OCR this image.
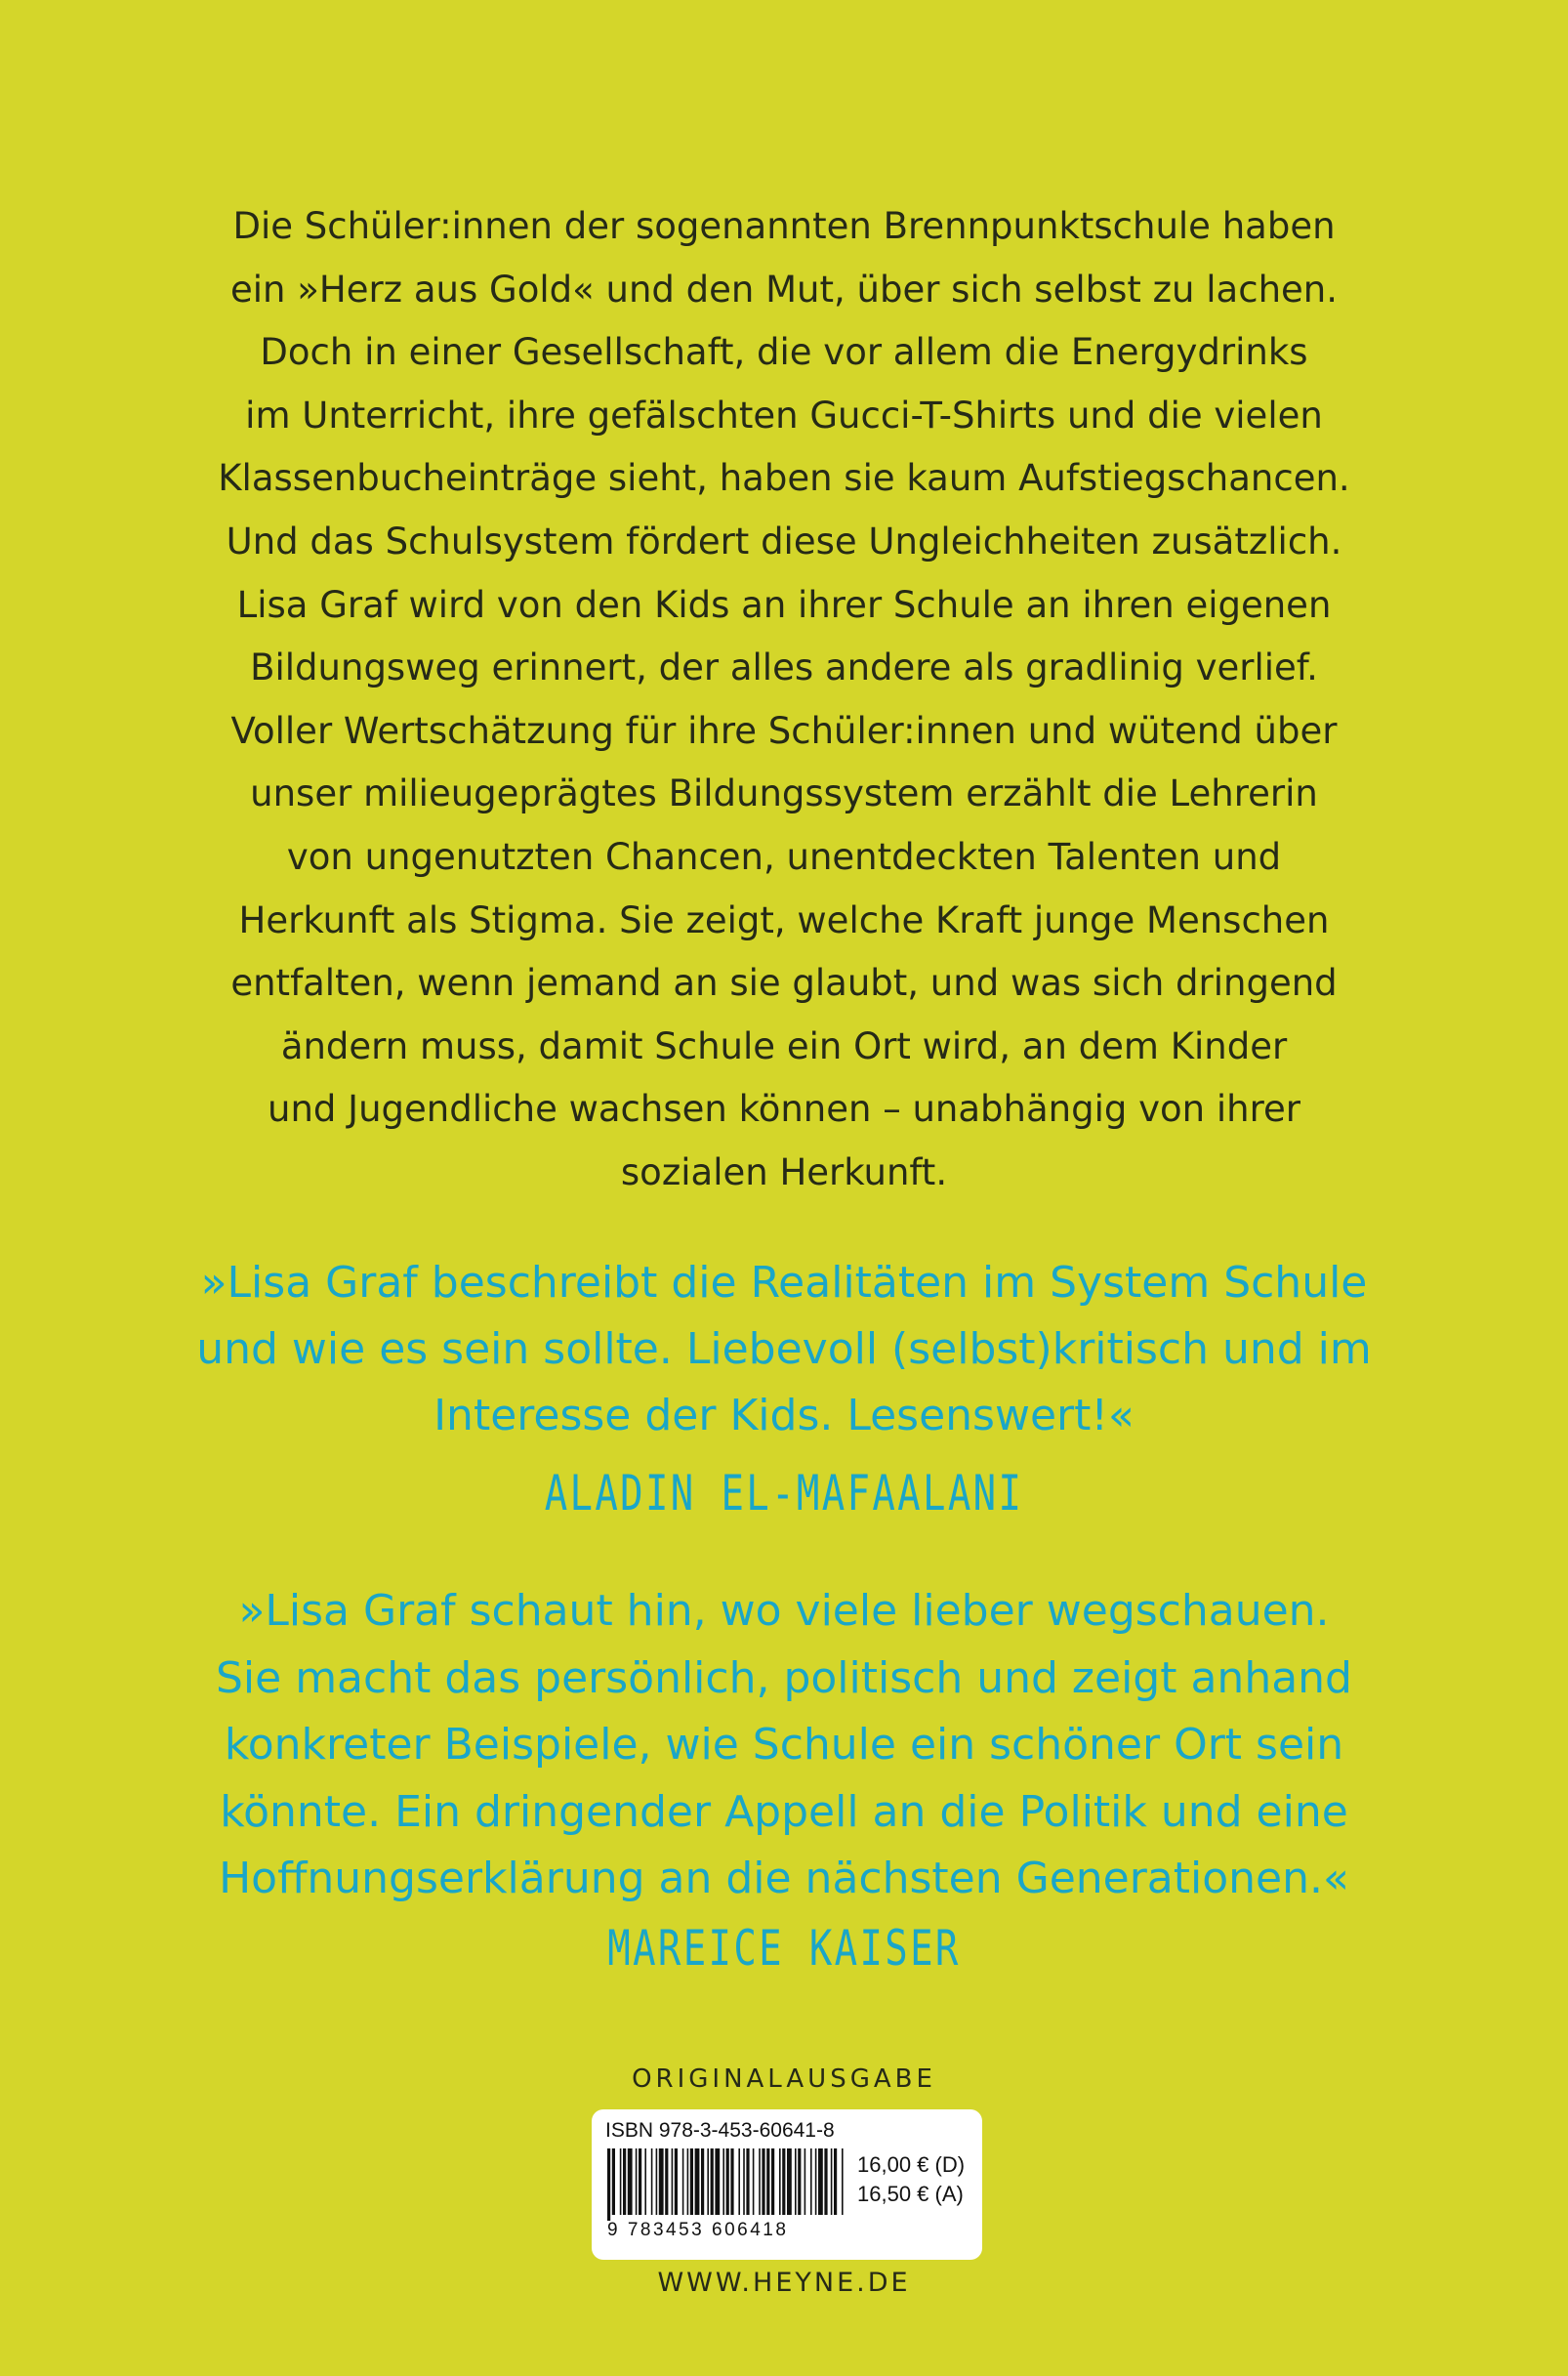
Die Schüler:innen der sogenannten Brennpunktschule haben
ein »Herz aus Gold« und den Mut, über sich selbst zu lachen.
Doch in einer Gesellschaft, die vor allem die Energydrinks
im Unterricht, ihre gefälschten Gucci-T-Shirts und die vielen
Klassenbucheinträge sieht, haben sie kaum Aufstiegschancen.
Und das Schulsystem fördert diese Ungleichheiten zusätzlich.
Lisa Graf wird von den Kids an ihrer Schule an ihren eigenen
Bildungsweg erinnert, der alles andere als gradlinig verlief.
Voller Wertschätzung für ihre Schüler:innen und wütend über
unser milieugeprägtes Bildungssystem erzählt die Lehrerin
von ungenutzten Chancen, unentdeckten Talenten und
Herkunft als Stigma. Sie zeigt, welche Kraft junge Menschen
entfalten, wenn jemand an sie glaubt, und was sich dringend
ändern muss, damit Schule ein Ort wird, an dem Kinder
und Jugendliche wachsen können – unabhängig von ihrer
sozialen Herkunft.
»Lisa Graf beschreibt die Realitäten im System Schule
und wie es sein sollte. Liebevoll (selbst)kritisch und im
Interesse der Kids. Lesenswert!«
ALADIN EL-MAFAALANI
»Lisa Graf schaut hin, wo viele lieber wegschauen.
Sie macht das persönlich, politisch und zeigt anhand
konkreter Beispiele, wie Schule ein schöner Ort sein
könnte. Ein dringender Appell an die Politik und eine
Hoffnungserklärung an die nächsten Generationen.«
MAREICE KAISER
ORIGINALAUSGABE
ISBN 978-3-453-60641-8
9 783453 606418
16,00 € (D)
16,50 € (A)
WWW.HEYNE.DE
